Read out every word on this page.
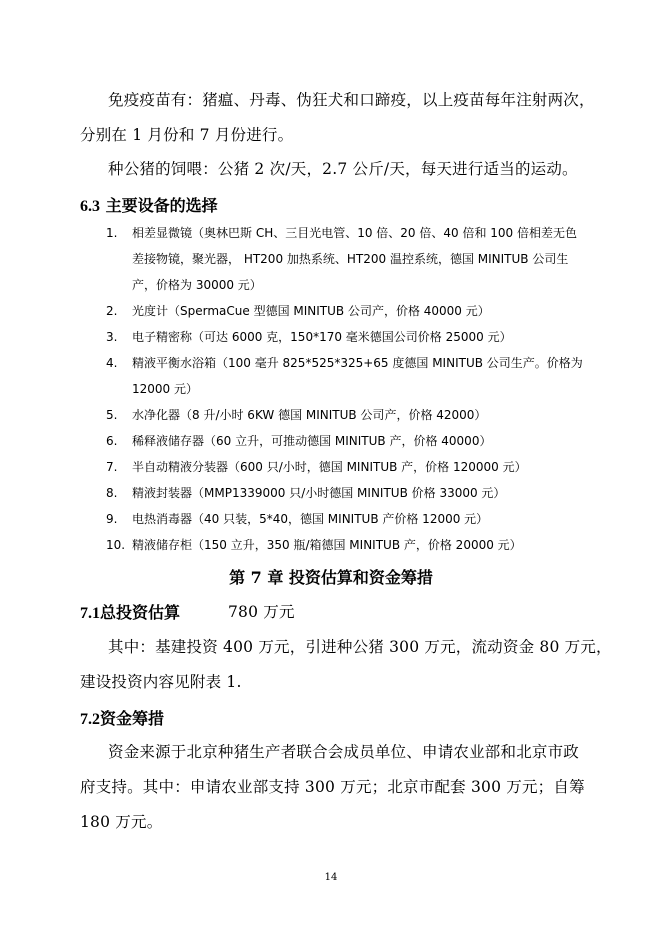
免疫疫苗有：猪瘟、丹毒、伪狂犬和口蹄疫，以上疫苗每年注射两次，
分别在 1 月份和 7 月份进行。
种公猪的饲喂：公猪 2 次/天，2.7 公斤/天，每天进行适当的运动。
6.3 主要设备的选择
1. 相差显微镜（奥林巴斯 CH、三目光电管、10 倍、20 倍、40 倍和 100 倍相差无色差接物镜，聚光器， HT200 加热系统、HT200 温控系统，德国 MINITUB 公司生产，价格为 30000 元）
2. 光度计（SpermaCue 型德国 MINITUB 公司产，价格 40000 元）
3. 电子精密称（可达 6000 克，150*170 毫米德国公司价格 25000 元）
4. 精液平衡水浴箱（100 毫升 825*525*325+65 度德国 MINITUB 公司生产。价格为 12000 元）
5. 水净化器（8 升/小时 6KW 德国 MINITUB 公司产，价格 42000）
6. 稀释液储存器（60 立升，可推动德国 MINITUB 产，价格 40000）
7. 半自动精液分装器（600 只/小时，德国 MINITUB 产，价格 120000 元）
8. 精液封装器（MMP1339000 只/小时德国 MINITUB 价格 33000 元）
9. 电热消毒器（40 只装，5*40，德国 MINITUB 产价格 12000 元）
10. 精液储存柜（150 立升，350 瓶/箱德国 MINITUB 产，价格 20000 元）
第 7 章 投资估算和资金筹措
7.1总投资估算	780 万元
其中：基建投资 400 万元，引进种公猪 300 万元，流动资金 80 万元，
建设投资内容见附表 1.
7.2资金筹措
资金来源于北京种猪生产者联合会成员单位、申请农业部和北京市政
府支持。其中：申请农业部支持 300 万元；北京市配套 300 万元；自筹
180 万元。
14
